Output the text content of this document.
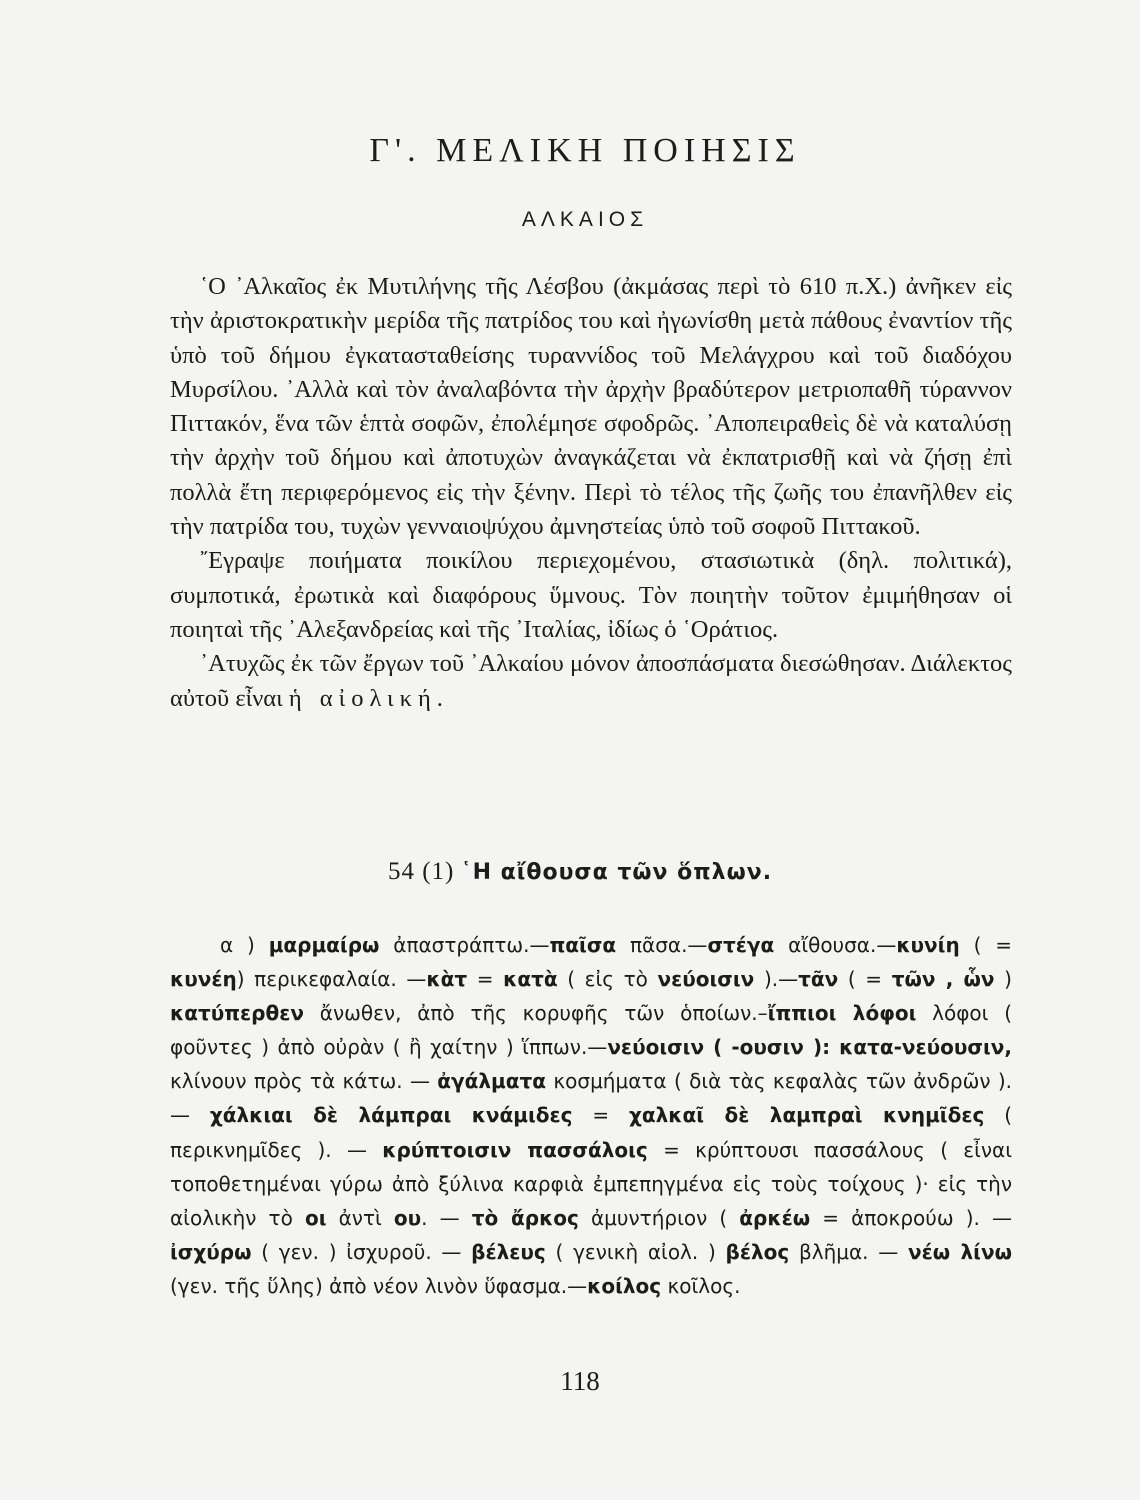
Γ'. ΜΕΛΙΚΗ ΠΟΙΗΣΙΣ
ΑΛΚΑΙΟΣ

῾Ο ᾿Αλκαῖος ἐκ Μυτιλήνης τῆς Λέσβου (ἀκμάσας περὶ τὸ 610 π.Χ.) ἀνῆκεν εἰς τὴν ἀριστοκρατικὴν μερίδα τῆς πατρίδος του καὶ ἠγωνίσθη μετὰ πάθους ἐναντίον τῆς ὑπὸ τοῦ δήμου ἐγκατασταθείσης τυραννίδος τοῦ Μελάγχρου καὶ τοῦ διαδόχου Μυρσίλου. ᾿Αλλὰ καὶ τὸν ἀναλαβόντα τὴν ἀρχὴν βραδύτερον μετριοπαθῆ τύραννον Πιττακόν, ἕνα τῶν ἑπτὰ σοφῶν, ἐπολέμησε σφοδρῶς. ᾿Αποπειραθεὶς δὲ νὰ καταλύσῃ τὴν ἀρχὴν τοῦ δήμου καὶ ἀποτυχὼν ἀναγκάζεται νὰ ἐκπατρισθῇ καὶ νὰ ζήσῃ ἐπὶ πολλὰ ἔτη περιφερόμενος εἰς τὴν ξένην. Περὶ τὸ τέλος τῆς ζωῆς του ἐπανῆλθεν εἰς τὴν πατρίδα του, τυχὼν γενναιοψύχου ἀμνηστείας ὑπὸ τοῦ σοφοῦ Πιττακοῦ.

῎Εγραψε ποιήματα ποικίλου περιεχομένου, στασιωτικὰ (δηλ. πολιτικά), συμποτικά, ἐρωτικὰ καὶ διαφόρους ὕμνους. Τὸν ποιητὴν τοῦτον ἐμιμήθησαν οἱ ποιηταὶ τῆς ᾿Αλεξανδρείας καὶ τῆς ᾿Ιταλίας, ἰδίως ὁ ῾Οράτιος.

᾿Ατυχῶς ἐκ τῶν ἔργων τοῦ ᾿Αλκαίου μόνον ἀποσπάσματα διεσώθησαν. Διάλεκτος αὐτοῦ εἶναι ἡ αἰολική.

54 (1) ῾Η αἴθουσα τῶν ὅπλων.

α ) μαρμαίρω ἀπαστράπτω.—παῖσα πᾶσα.—στέγα αἴθουσα.—κυνίη ( = κυνέη) περικεφαλαία. —κὰτ = κατὰ ( εἰς τὸ νεύοισιν ).—τᾶν ( = τῶν , ὧν ) κατύπερθεν ἄνωθεν, ἀπὸ τῆς κορυφῆς τῶν ὁποίων.–ἴππιοι λόφοι λόφοι ( φοῦντες ) ἀπὸ οὐρὰν ( ἢ χαίτην ) ἵππων.—νεύοισιν ( -ουσιν ): κατα-νεύουσιν, κλίνουν πρὸς τὰ κάτω. — ἀγάλματα κοσμήματα ( διὰ τὰς κεφαλὰς τῶν ἀνδρῶν ). — χάλκιαι δὲ λάμπραι κνάμιδες = χαλκαῖ δὲ λαμπραὶ κνημῖδες ( περικνημῖδες ). — κρύπτοισιν πασσάλοις = κρύπτουσι πασσάλους ( εἶναι τοποθετημέναι γύρω ἀπὸ ξύλινα καρφιὰ ἐμπεπηγμένα εἰς τοὺς τοίχους )· εἰς τὴν αἰολικὴν τὸ οι ἀντὶ ου. — τὸ ἄρκος ἀμυντήριον ( ἀρκέω = ἀποκρούω ). — ἰσχύρω ( γεν. ) ἰσχυροῦ. — βέλευς ( γενικὴ αἰολ. ) βέλος βλῆμα. — νέω λίνω (γεν. τῆς ὕλης) ἀπὸ νέον λινὸν ὕφασμα.—κοίλος κοῖλος.

118
